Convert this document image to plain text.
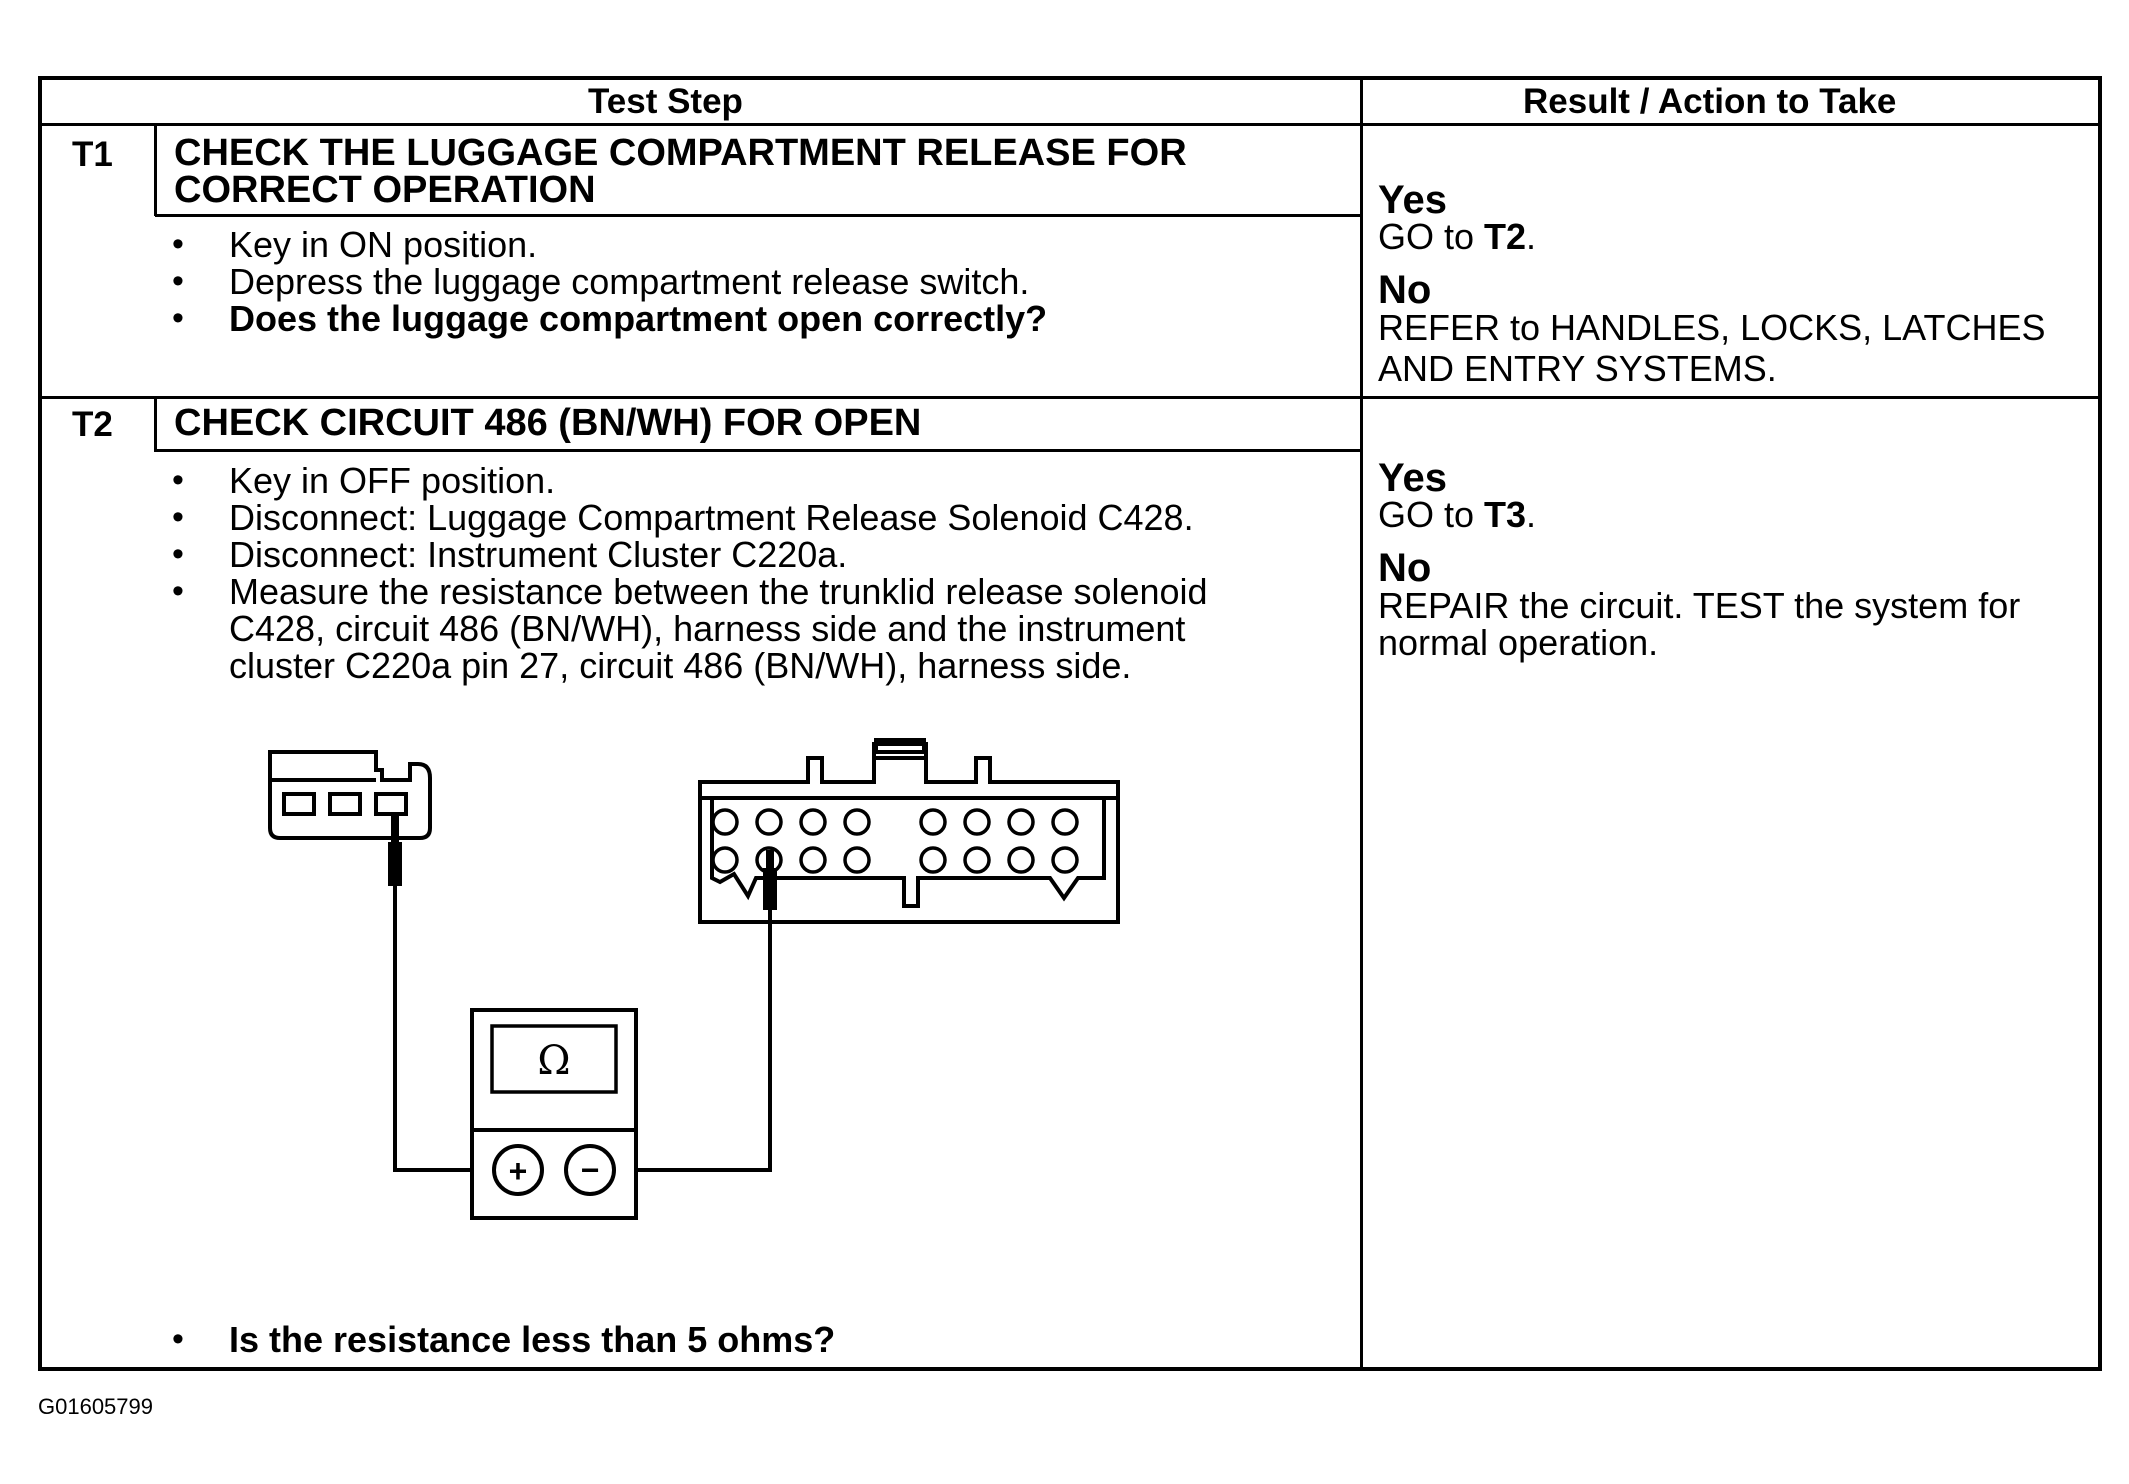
Test Step	Result / Action to Take
T1 CHECK THE LUGGAGE COMPARTMENT RELEASE FOR
CORRECT OPERATION
• Key in ON position.
• Depress the luggage compartment release switch.
• Does the luggage compartment open correctly?
Yes
GO to T2.
No
REFER to HANDLES, LOCKS, LATCHES
AND ENTRY SYSTEMS.
T2 CHECK CIRCUIT 486 (BN/WH) FOR OPEN
• Key in OFF position.
• Disconnect: Luggage Compartment Release Solenoid C428.
• Disconnect: Instrument Cluster C220a.
• Measure the resistance between the trunklid release solenoid
C428, circuit 486 (BN/WH), harness side and the instrument
cluster C220a pin 27, circuit 486 (BN/WH), harness side.
• Is the resistance less than 5 ohms?
Yes
GO to T3.
No
REPAIR the circuit. TEST the system for
normal operation.
Ω
+ −
G01605799
